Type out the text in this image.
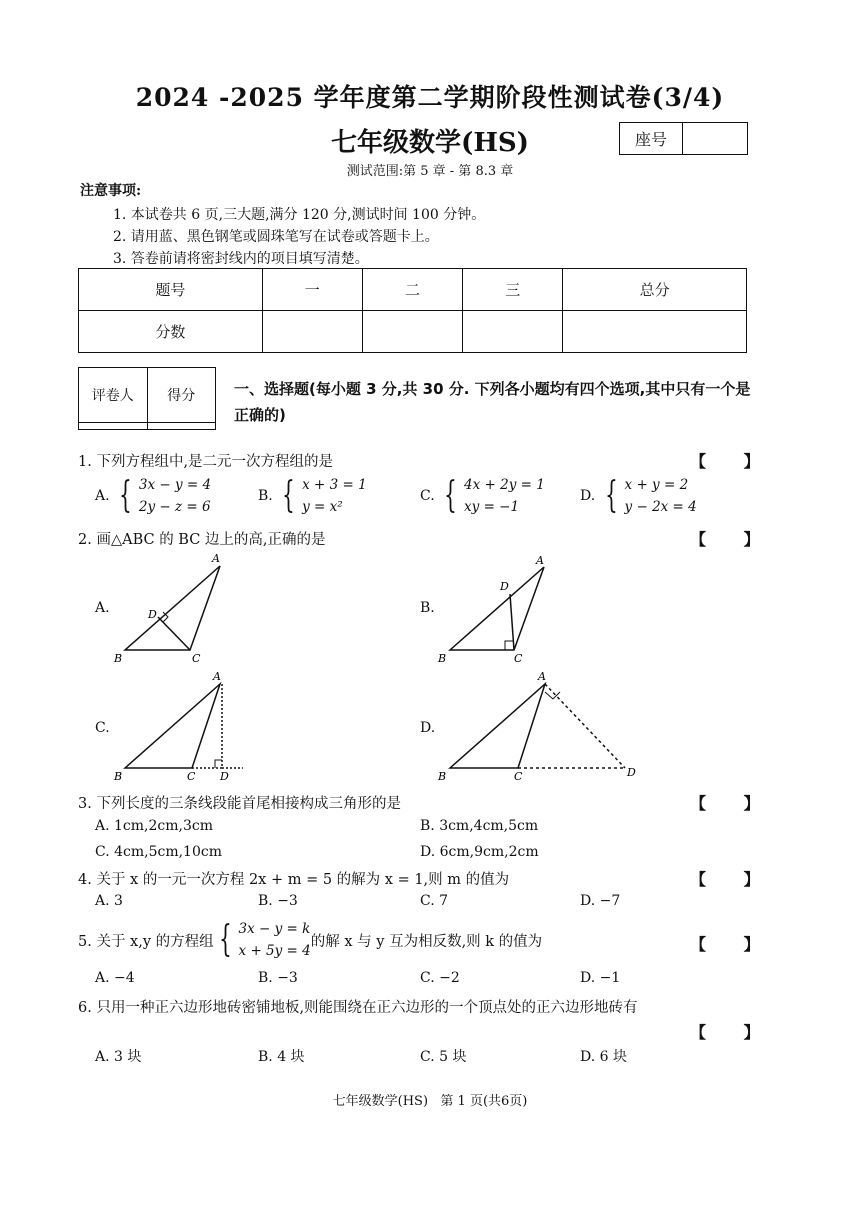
2024 -2025 学年度第二学期阶段性测试卷(3/4)
七年级数学(HS)	座号
测试范围:第 5 章 - 第 8.3 章
注意事项:
1. 本试卷共 6 页,三大题,满分 120 分,测试时间 100 分钟。
2. 请用蓝、黑色钢笔或圆珠笔写在试卷或答题卡上。
3. 答卷前请将密封线内的项目填写清楚。
题号	一	二	三	总分
分数				
评卷人	得分
		一、选择题(每小题 3 分,共 30 分. 下列各小题均有四个选项,其中只有一个是正确的)
1. 下列方程组中,是二元一次方程组的是	【 】
A. { 3x − y = 4
2y − z = 6
B. { x + 3 = 1
y = x²
C. { 4x + 2y = 1
xy = −1
D. { x + y = 2
y − 2x = 4
2. 画△ABC 的 BC 边上的高,正确的是	【 】
A.	B.
C.	D.
A
B	C
D
A
B	C
D
A
B	C D
A
B	C	D
3. 下列长度的三条线段能首尾相接构成三角形的是	【 】
A. 1cm,2cm,3cm	B. 3cm,4cm,5cm
C. 4cm,5cm,10cm	D. 6cm,9cm,2cm
4. 关于 x 的一元一次方程 2x + m = 5 的解为 x = 1,则 m 的值为	【 】
A. 3	B. −3	C. 7	D. −7
5. 关于 x,y 的方程组 { 3x − y = k
x + 5y = 4
的解 x 与 y 互为相反数,则 k 的值为	【 】
A. −4	B. −3	C. −2	D. −1
6. 只用一种正六边形地砖密铺地板,则能围绕在正六边形的一个顶点处的正六边形地砖有
【 】
A. 3 块	B. 4 块	C. 5 块	D. 6 块
七年级数学(HS)   第 1 页(共6页)
